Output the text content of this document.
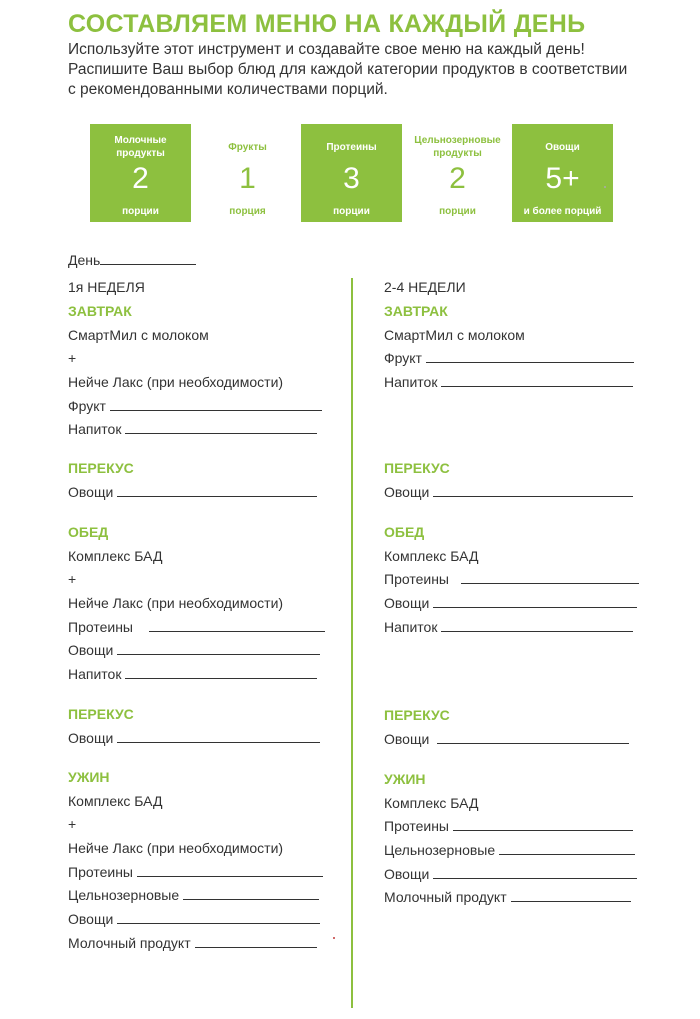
СОСТАВЛЯЕМ МЕНЮ НА КАЖДЫЙ ДЕНЬ
Используйте этот инструмент и создавайте свое меню на каждый день! Распишите Ваш выбор блюд для каждой категории продуктов в соответствии с рекомендованными количествами порций.
Молочные продукты
2
порции
Фрукты
1
порция
Протеины
3
порции
Цельнозерновые продукты
2
порции
Овощи
5+
и более порций
День
1я НЕДЕЛЯ
ЗАВТРАК
СмартМил с молоком
+
Нейче Лакс (при необходимости)
Фрукт
Напиток
ПЕРЕКУС
Овощи
ОБЕД
Комплекс БАД
+
Нейче Лакс (при необходимости)
Протеины
Овощи
Напиток
ПЕРЕКУС
Овощи
УЖИН
Комплекс БАД
+
Нейче Лакс (при необходимости)
Протеины
Цельнозерновые
Овощи
Молочный продукт
2-4 НЕДЕЛИ
ЗАВТРАК
СмартМил с молоком
Фрукт
Напиток
ПЕРЕКУС
Овощи
ОБЕД
Комплекс БАД
Протеины
Овощи
Напиток
ПЕРЕКУС
Овощи
УЖИН
Комплекс БАД
Протеины
Цельнозерновые
Овощи
Молочный продукт
